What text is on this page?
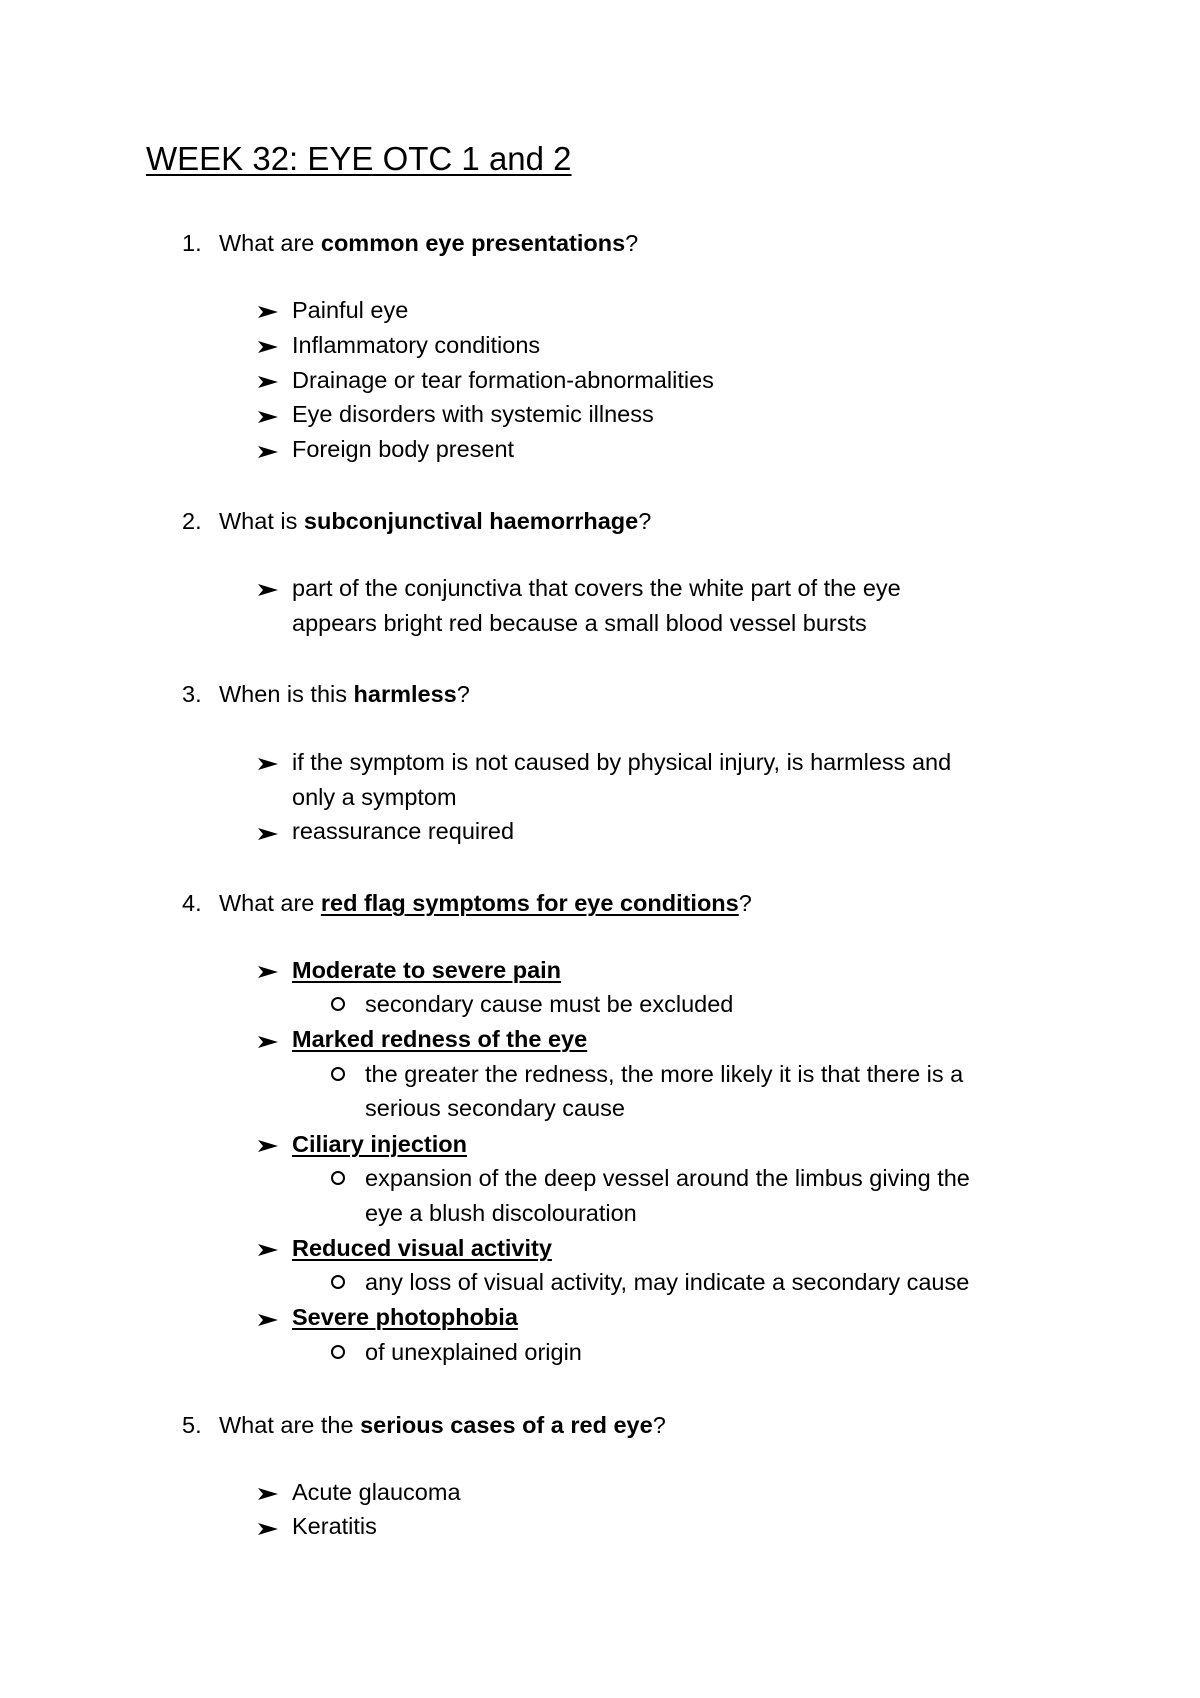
WEEK 32: EYE OTC 1 and 2
1. What are common eye presentations?
Painful eye
Inflammatory conditions
Drainage or tear formation-abnormalities
Eye disorders with systemic illness
Foreign body present
2. What is subconjunctival haemorrhage?
part of the conjunctiva that covers the white part of the eye
appears bright red because a small blood vessel bursts
3. When is this harmless?
if the symptom is not caused by physical injury, is harmless and
only a symptom
reassurance required
4. What are red flag symptoms for eye conditions?
Moderate to severe pain
secondary cause must be excluded
Marked redness of the eye
the greater the redness, the more likely it is that there is a
serious secondary cause
Ciliary injection
expansion of the deep vessel around the limbus giving the
eye a blush discolouration
Reduced visual activity
any loss of visual activity, may indicate a secondary cause
Severe photophobia
of unexplained origin
5. What are the serious cases of a red eye?
Acute glaucoma
Keratitis
